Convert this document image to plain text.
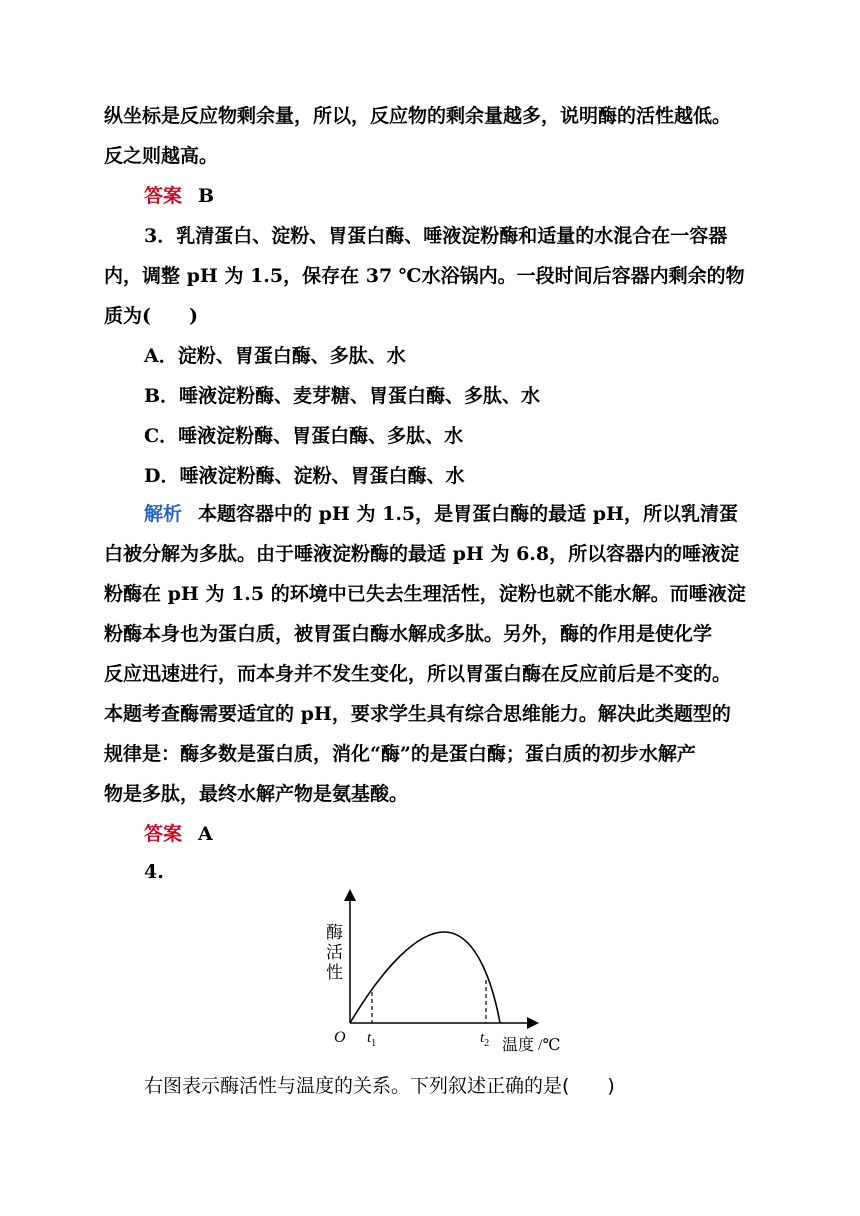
纵坐标是反应物剩余量，所以，反应物的剩余量越多，说明酶的活性越低。
反之则越高。
答案 B
3．乳清蛋白、淀粉、胃蛋白酶、唾液淀粉酶和适量的水混合在一容器
内，调整 pH 为 1.5，保存在 37 ℃水浴锅内。一段时间后容器内剩余的物
质为(　　)
A．淀粉、胃蛋白酶、多肽、水
B．唾液淀粉酶、麦芽糖、胃蛋白酶、多肽、水
C．唾液淀粉酶、胃蛋白酶、多肽、水
D．唾液淀粉酶、淀粉、胃蛋白酶、水
解析 本题容器中的 pH 为 1.5，是胃蛋白酶的最适 pH，所以乳清蛋
白被分解为多肽。由于唾液淀粉酶的最适 pH 为 6.8，所以容器内的唾液淀
粉酶在 pH 为 1.5 的环境中已失去生理活性，淀粉也就不能水解。而唾液淀
粉酶本身也为蛋白质，被胃蛋白酶水解成多肽。另外，酶的作用是使化学
反应迅速进行，而本身并不发生变化，所以胃蛋白酶在反应前后是不变的。
本题考查酶需要适宜的 pH，要求学生具有综合思维能力。解决此类题型的
规律是：酶多数是蛋白质，消化“酶”的是蛋白酶；蛋白质的初步水解产
物是多肽，最终水解产物是氨基酸。
答案 A
4.
酶
活
性
O $t_1$	$t_2$ 温度 /℃
右图表示酶活性与温度的关系。下列叙述正确的是(　　)
